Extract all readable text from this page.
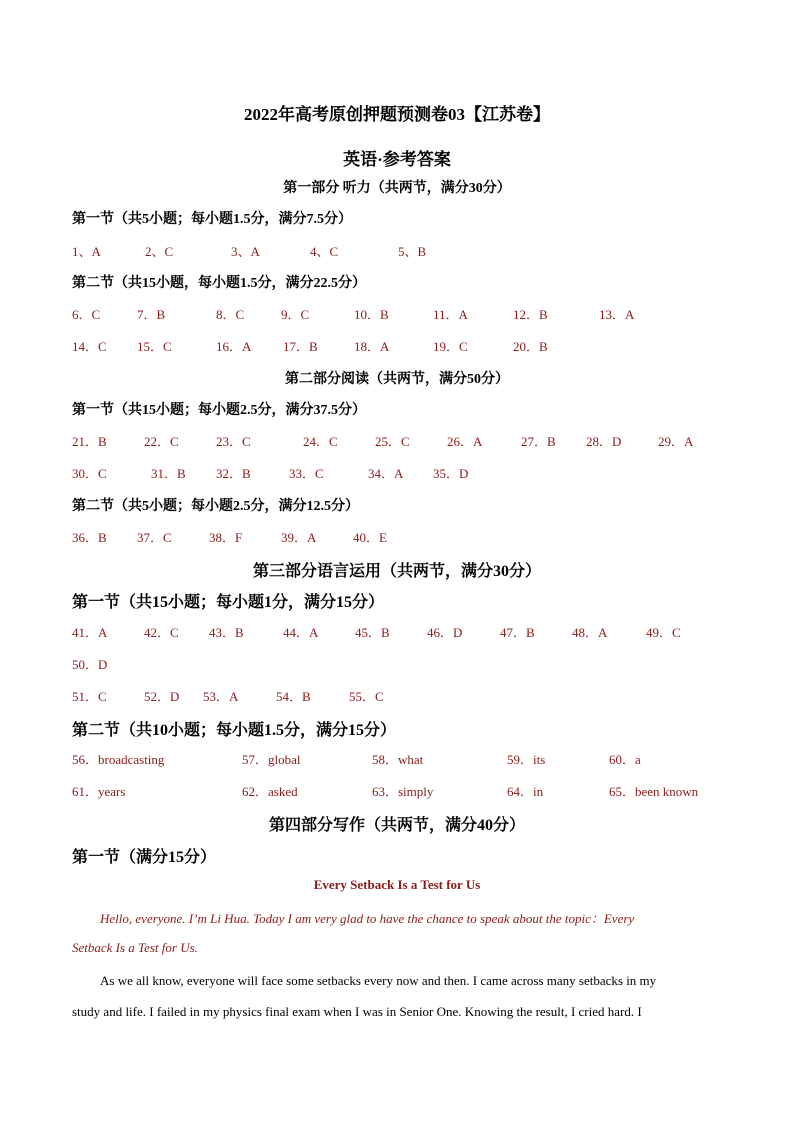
2022年高考原创押题预测卷03【江苏卷】
英语·参考答案
第一部分 听力（共两节，满分30分）
第一节（共5小题；每小题1.5分，满分7.5分）
1、A	2、C	3、A	4、C	5、B
第二节（共15小题，每小题1.5分，满分22.5分）
6．C	7．B	8．C	9．C	10．B	11．A	12．B	13．A
14．C 15．C	16．A 17．B	18．A	19．C	20．B
第二部分阅读（共两节，满分50分）
第一节（共15小题；每小题2.5分，满分37.5分）
21．B	22．C	23．C	24．C	25．C	26．A	27．B 28．D	29．A
30．C	31．B 32．B	33．C	34．A 35．D
第二节（共5小题；每小题2.5分，满分12.5分）
36．B 37．C	38．F	39．A	40．E
第三部分语言运用（共两节，满分30分）
第一节（共15小题；每小题1分，满分15分）
41．A	42．C 43．B	44．A	45．B	46．D	47．B	48．A	49．C
50．D
51．C	52．D 53．A	54．B	55．C
第二节（共10小题；每小题1.5分，满分15分）
56．broadcasting	57．global	58．what	59．its	60．a
61．years	62．asked	63．simply	64．in	65．been known
第四部分写作（共两节，满分40分）
第一节（满分15分）
Every Setback Is a Test for Us
Hello, everyone. I’m Li Hua. Today I am very glad to have the chance to speak about the topic：Every
Setback Is a Test for Us.
As we all know, everyone will face some setbacks every now and then. I came across many setbacks in my
study and life. I failed in my physics final exam when I was in Senior One. Knowing the result, I cried hard. I
